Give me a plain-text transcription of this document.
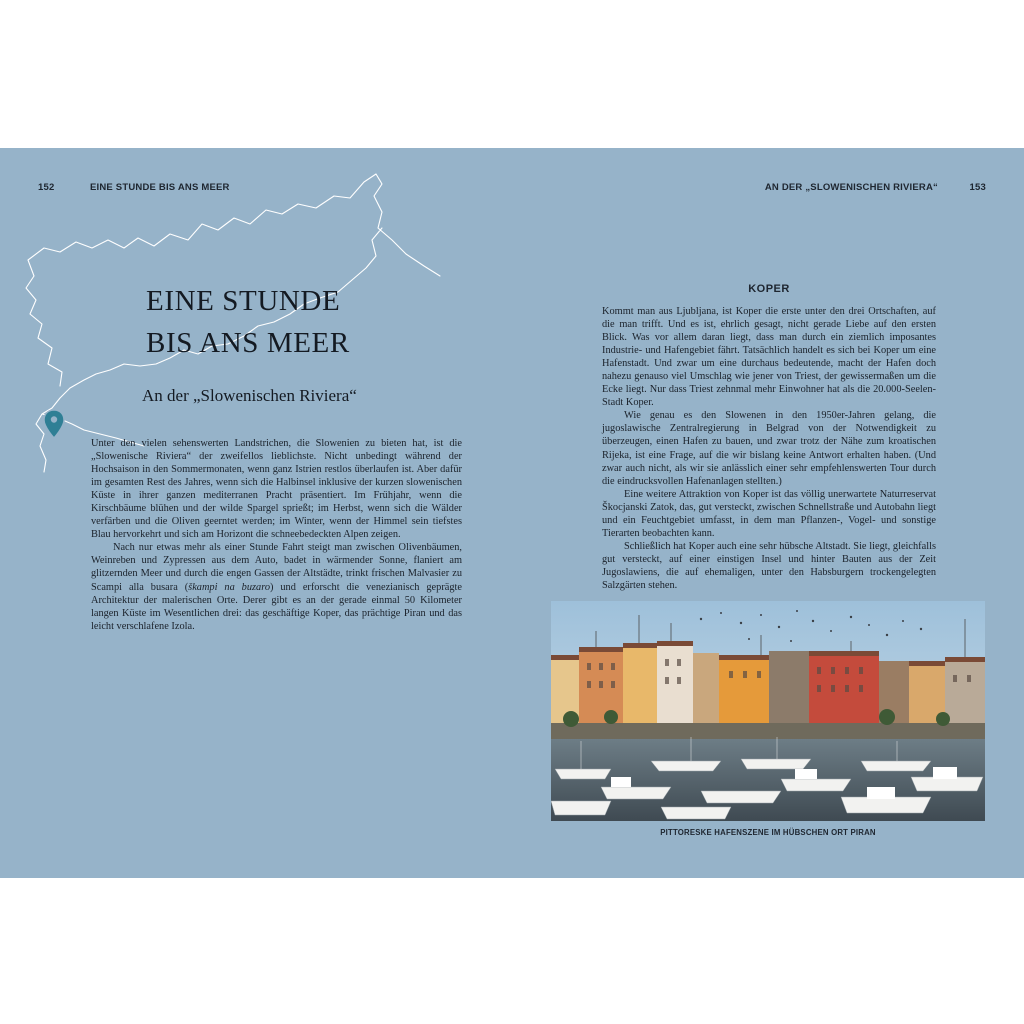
152	EINE STUNDE BIS ANS MEER	AN DER „SLOWENISCHEN RIVIERA“	153
EINE STUNDE
BIS ANS MEER
An der „Slowenischen Riviera“

Unter den vielen sehenswerten Landstrichen, die Slowenien zu bieten hat, ist die „Slowenische Riviera“ der zweifellos lieblichste. Nicht unbedingt während der Hochsaison in den Sommermonaten, wenn ganz Istrien restlos überlaufen ist. Aber dafür im gesamten Rest des Jahres, wenn sich die Halbinsel inklusive der kurzen slowenischen Küste in ihrer ganzen mediterranen Pracht präsentiert. Im Frühjahr, wenn die Kirschbäume blühen und der wilde Spargel sprießt; im Herbst, wenn sich die Wälder verfärben und die Oliven geerntet werden; im Winter, wenn der Himmel sein tiefstes Blau hervorkehrt und sich am Horizont die schneebedeckten Alpen zeigen.

Nach nur etwas mehr als einer Stunde Fahrt steigt man zwischen Olivenbäumen, Weinreben und Zypressen aus dem Auto, badet in wärmender Sonne, flaniert am glitzernden Meer und durch die engen Gassen der Altstädte, trinkt frischen Malvasier zu Scampi alla busara (škampi na buzaro) und erforscht die venezianisch geprägte Architektur der malerischen Orte. Derer gibt es an der gerade einmal 50 Kilometer langen Küste im Wesentlichen drei: das geschäftige Koper, das prächtige Piran und das leicht verschlafene Izola.

KOPER

Kommt man aus Ljubljana, ist Koper die erste unter den drei Ortschaften, auf die man trifft. Und es ist, ehrlich gesagt, nicht gerade Liebe auf den ersten Blick. Was vor allem daran liegt, dass man durch ein ziemlich imposantes Industrie- und Hafengebiet fährt. Tatsächlich handelt es sich bei Koper um eine Hafenstadt. Und zwar um eine durchaus bedeutende, macht der Hafen doch nahezu genauso viel Umschlag wie jener von Triest, der gewissermaßen um die Ecke liegt. Nur dass Triest zehnmal mehr Einwohner hat als die 20.000-Seelen-Stadt Koper.

Wie genau es den Slowenen in den 1950er-Jahren gelang, die jugoslawische Zentralregierung in Belgrad von der Notwendigkeit zu überzeugen, einen Hafen zu bauen, und zwar trotz der Nähe zum kroatischen Rijeka, ist eine Frage, auf die wir bislang keine Antwort erhalten haben. (Und zwar auch nicht, als wir sie anlässlich einer sehr empfehlenswerten Tour durch die eindrucksvollen Hafenanlagen stellten.)

Eine weitere Attraktion von Koper ist das völlig unerwartete Naturreservat Škocjanski Zatok, das, gut versteckt, zwischen Schnellstraße und Autobahn liegt und ein Feuchtgebiet umfasst, in dem man Pflanzen-, Vogel- und sonstige Tierarten beobachten kann.

Schließlich hat Koper auch eine sehr hübsche Altstadt. Sie liegt, gleichfalls gut versteckt, auf einer einstigen Insel und hinter Bauten aus der Zeit Jugoslawiens, die auf ehemaligen, unter den Habsburgern trockengelegten Salzgärten stehen.

PITTORESKE HAFENSZENE IM HÜBSCHEN ORT PIRAN
